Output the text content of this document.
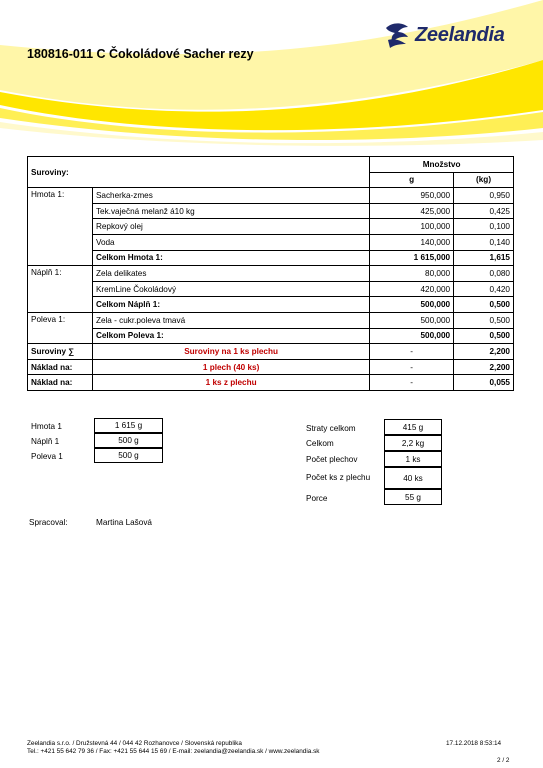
Zeelandia
180816-011 C Čokoládové Sacher rezy
Suroviny:		Množstvo	
		g	(kg)
Hmota 1:	Sacherka-zmes	950,000	0,950
	Tek.vaječná melanž á10 kg	425,000	0,425
	Repkový olej	100,000	0,100
	Voda	140,000	0,140
	Celkom Hmota 1:	1 615,000	1,615
Náplň 1:	Zela delikates	80,000	0,080
	KremLine Čokoládový	420,000	0,420
	Celkom Náplň 1:	500,000	0,500
Poleva 1:	Zela - cukr.poleva tmavá	500,000	0,500
	Celkom Poleva 1:	500,000	0,500
Suroviny ∑	Suroviny na 1 ks plechu	-	2,200
Náklad na:	1 plech (40 ks)	-	2,200
Náklad na:	1 ks z plechu	-	0,055
Hmota 1	1 615 g
Náplň 1	500 g
Poleva 1	500 g
Straty celkom	415 g
Celkom	2,2 kg
Počet plechov	1 ks
Počet ks z plechu	40 ks
Porce	55 g
Spracoval:	Martina Lašová
Zeelandia s.r.o. / Družstevná 44 / 044 42 Rozhanovce / Slovenská republika
Tel.: +421 55 642 79 36 / Fax: +421 55 644 15 69 / E-mail: zeelandia@zeelandia.sk / www.zeelandia.sk
17.12.2018 8:53:14
2 / 2
